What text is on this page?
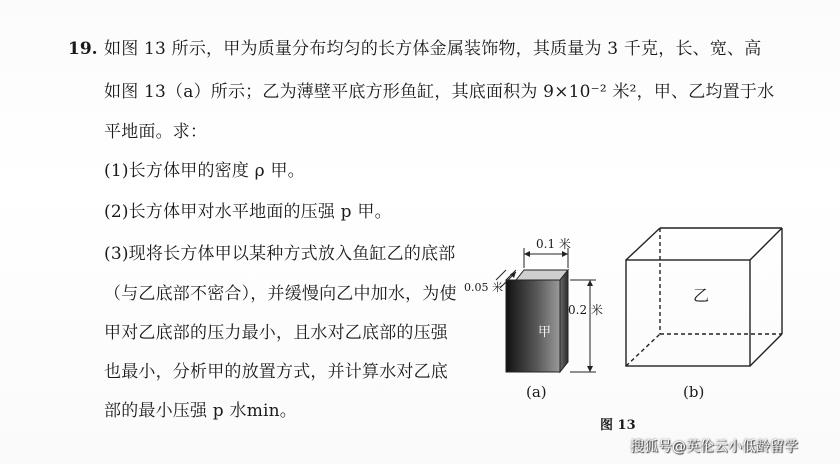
19. 如图 13 所示，甲为质量分布均匀的长方体金属装饰物，其质量为 3 千克，长、宽、高
如图 13（a）所示；乙为薄壁平底方形鱼缸，其底面积为 9×10⁻² 米²，甲、乙均置于水
平地面。求：
(1)长方体甲的密度 ρ 甲。
(2)长方体甲对水平地面的压强 p 甲。
(3)现将长方体甲以某种方式放入鱼缸乙的底部
（与乙底部不密合），并缓慢向乙中加水，为使
甲对乙底部的压力最小，且水对乙底部的压强
也最小，分析甲的放置方式，并计算水对乙底
部的最小压强 p 水min。
0.1 米
0.05 米
0.2 米
甲
乙
(a)	(b)
图 13
搜狐号@英伦云小低龄留学
